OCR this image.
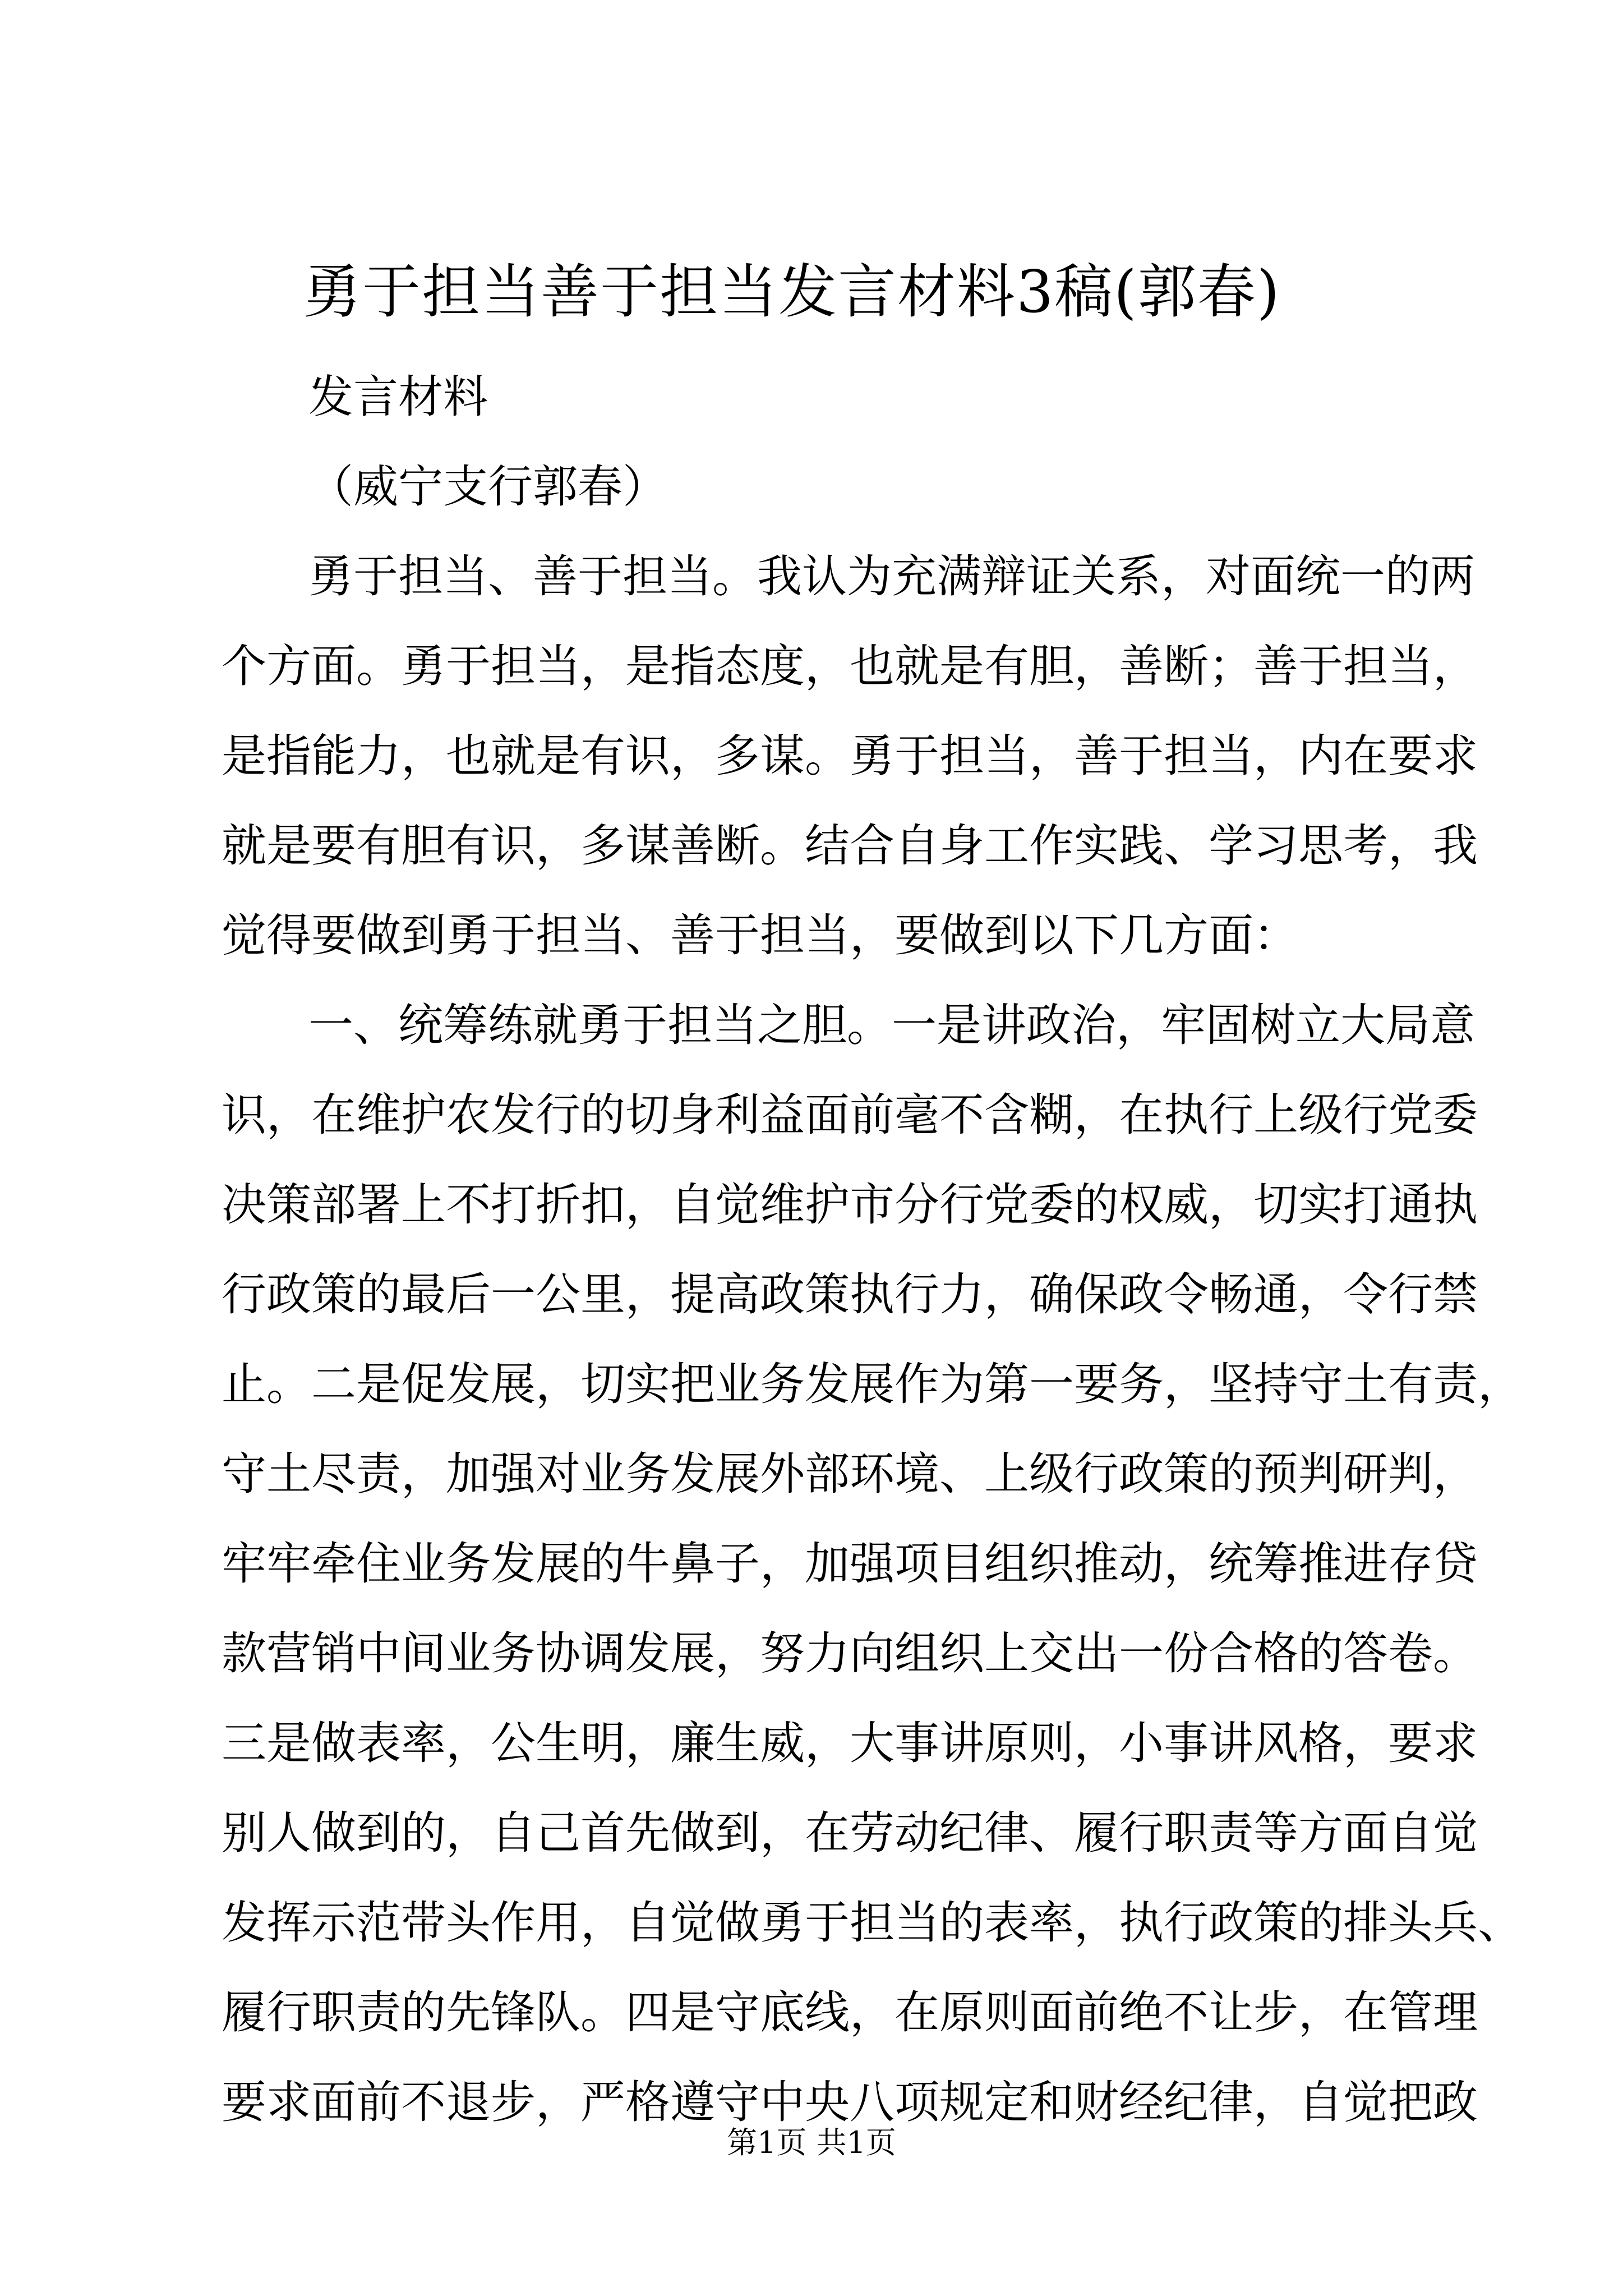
勇于担当善于担当发言材料3稿(郭春)
发言材料
（威宁支行郭春）
勇于担当、善于担当。我认为充满辩证关系，对面统一的两
个方面。勇于担当，是指态度，也就是有胆，善断；善于担当，
是指能力，也就是有识，多谋。勇于担当，善于担当，内在要求
就是要有胆有识，多谋善断。结合自身工作实践、学习思考，我
觉得要做到勇于担当、善于担当，要做到以下几方面：
一、统筹练就勇于担当之胆。一是讲政治，牢固树立大局意
识，在维护农发行的切身利益面前毫不含糊，在执行上级行党委
决策部署上不打折扣，自觉维护市分行党委的权威，切实打通执
行政策的最后一公里，提高政策执行力，确保政令畅通，令行禁
止。二是促发展，切实把业务发展作为第一要务，坚持守土有责，
守土尽责，加强对业务发展外部环境、上级行政策的预判研判，
牢牢牵住业务发展的牛鼻子，加强项目组织推动，统筹推进存贷
款营销中间业务协调发展，努力向组织上交出一份合格的答卷。
三是做表率，公生明，廉生威，大事讲原则，小事讲风格，要求
别人做到的，自己首先做到，在劳动纪律、履行职责等方面自觉
发挥示范带头作用，自觉做勇于担当的表率，执行政策的排头兵、
履行职责的先锋队。四是守底线，在原则面前绝不让步，在管理
要求面前不退步，严格遵守中央八项规定和财经纪律，自觉把政
第1页 共1页
